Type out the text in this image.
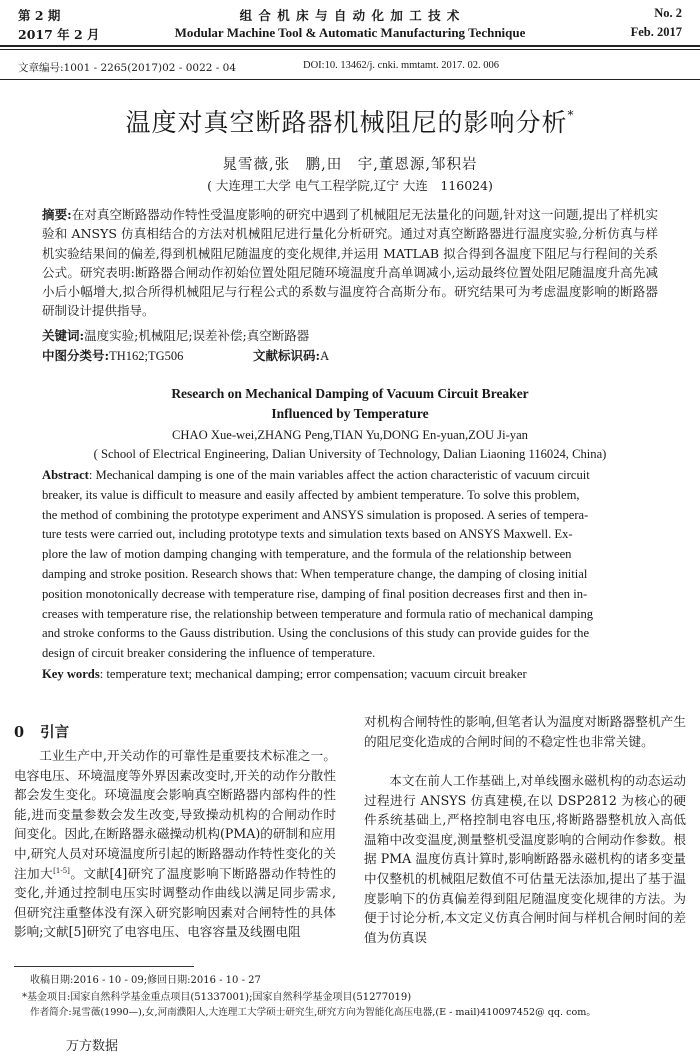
第 2 期
2017 年 2 月
组 合 机 床 与 自 动 化 加 工 技 术
Modular Machine Tool & Automatic Manufacturing Technique
No. 2
Feb. 2017
文章编号:1001 - 2265(2017)02 - 0022 - 04	DOI:10. 13462/j. cnki. mmtamt. 2017. 02. 006
温度对真空断路器机械阻尼的影响分析*
晁雪薇,张　鹏,田　宇,董恩源,邹积岩
( 大连理工大学 电气工程学院,辽宁 大连　116024)
摘要:在对真空断路器动作特性受温度影响的研究中遇到了机械阻尼无法量化的问题,针对这一问题,提出了样机实验和 ANSYS 仿真相结合的方法对机械阻尼进行量化分析研究。通过对真空断路器进行温度实验,分析仿真与样机实验结果间的偏差,得到机械阻尼随温度的变化规律,并运用 MATLAB 拟合得到各温度下阻尼与行程间的关系公式。研究表明:断路器合闸动作初始位置处阻尼随环境温度升高单调减小,运动最终位置处阻尼随温度升高先减小后小幅增大,拟合所得机械阻尼与行程公式的系数与温度符合高斯分布。研究结果可为考虑温度影响的断路器研制设计提供指导。
关键词:温度实验;机械阻尼;误差补偿;真空断路器
中图分类号:TH162;TG506	文献标识码:A
Research on Mechanical Damping of Vacuum Circuit Breaker
Influenced by Temperature
CHAO Xue-wei,ZHANG Peng,TIAN Yu,DONG En-yuan,ZOU Ji-yan
( School of Electrical Engineering, Dalian University of Technology, Dalian Liaoning 116024, China)
Abstract: Mechanical damping is one of the main variables affect the action characteristic of vacuum circuit
breaker, its value is difficult to measure and easily affected by ambient temperature. To solve this problem,
the method of combining the prototype experiment and ANSYS simulation is proposed. A series of tempera-
ture tests were carried out, including prototype texts and simulation texts based on ANSYS Maxwell. Ex-
plore the law of motion damping changing with temperature, and the formula of the relationship between
damping and stroke position. Research shows that: When temperature change, the damping of closing initial
position monotonically decrease with temperature rise, damping of final position decreases first and then in-
creases with temperature rise, the relationship between temperature and formula ratio of mechanical damping
and stroke conforms to the Gauss distribution. Using the conclusions of this study can provide guides for the
design of circuit breaker considering the influence of temperature.
Key words: temperature text; mechanical damping; error compensation; vacuum circuit breaker
0 引言
工业生产中,开关动作的可靠性是重要技术标准之一。电容电压、环境温度等外界因素改变时,开关的动作分散性都会发生变化。环境温度会影响真空断路器内部构件的性能,进而变量参数会发生改变,导致操动机构的合闸动作时间变化。因此,在断路器永磁操动机构(PMA)的研制和应用中,研究人员对环境温度所引起的断路器动作特性变化的关注加大[1-5]。文献[4]研究了温度影响下断路器动作特性的变化,并通过控制电压实时调整动作曲线以满足同步需求,但研究注重整体没有深入研究影响因素对合闸特性的具体影响;文献[5]研究了电容电压、电容容量及线圈电阻
对机构合闸特性的影响,但笔者认为温度对断路器整机产生的阻尼变化造成的合闸时间的不稳定性也非常关键。
本文在前人工作基础上,对单线圈永磁机构的动态运动过程进行 ANSYS 仿真建模,在以 DSP2812 为核心的硬件系统基础上,严格控制电容电压,将断路器整机放入高低温箱中改变温度,测量整机受温度影响的合闸动作参数。根据 PMA 温度仿真计算时,影响断路器永磁机构的诸多变量中仅整机的机械阻尼数值不可估量无法添加,提出了基于温度影响下的仿真偏差得到阻尼随温度变化规律的方法。为便于讨论分析,本文定义仿真合闸时间与样机合闸时间的差值为仿真误
收稿日期:2016 - 10 - 09;修回日期:2016 - 10 - 27
*基金项目:国家自然科学基金重点项目(51337001);国家自然科学基金项目(51277019)
作者简介:晁雪薇(1990—),女,河南濮阳人,大连理工大学硕士研究生,研究方向为智能化高压电器,(E - mail)410097452@ qq. com。
万方数据
